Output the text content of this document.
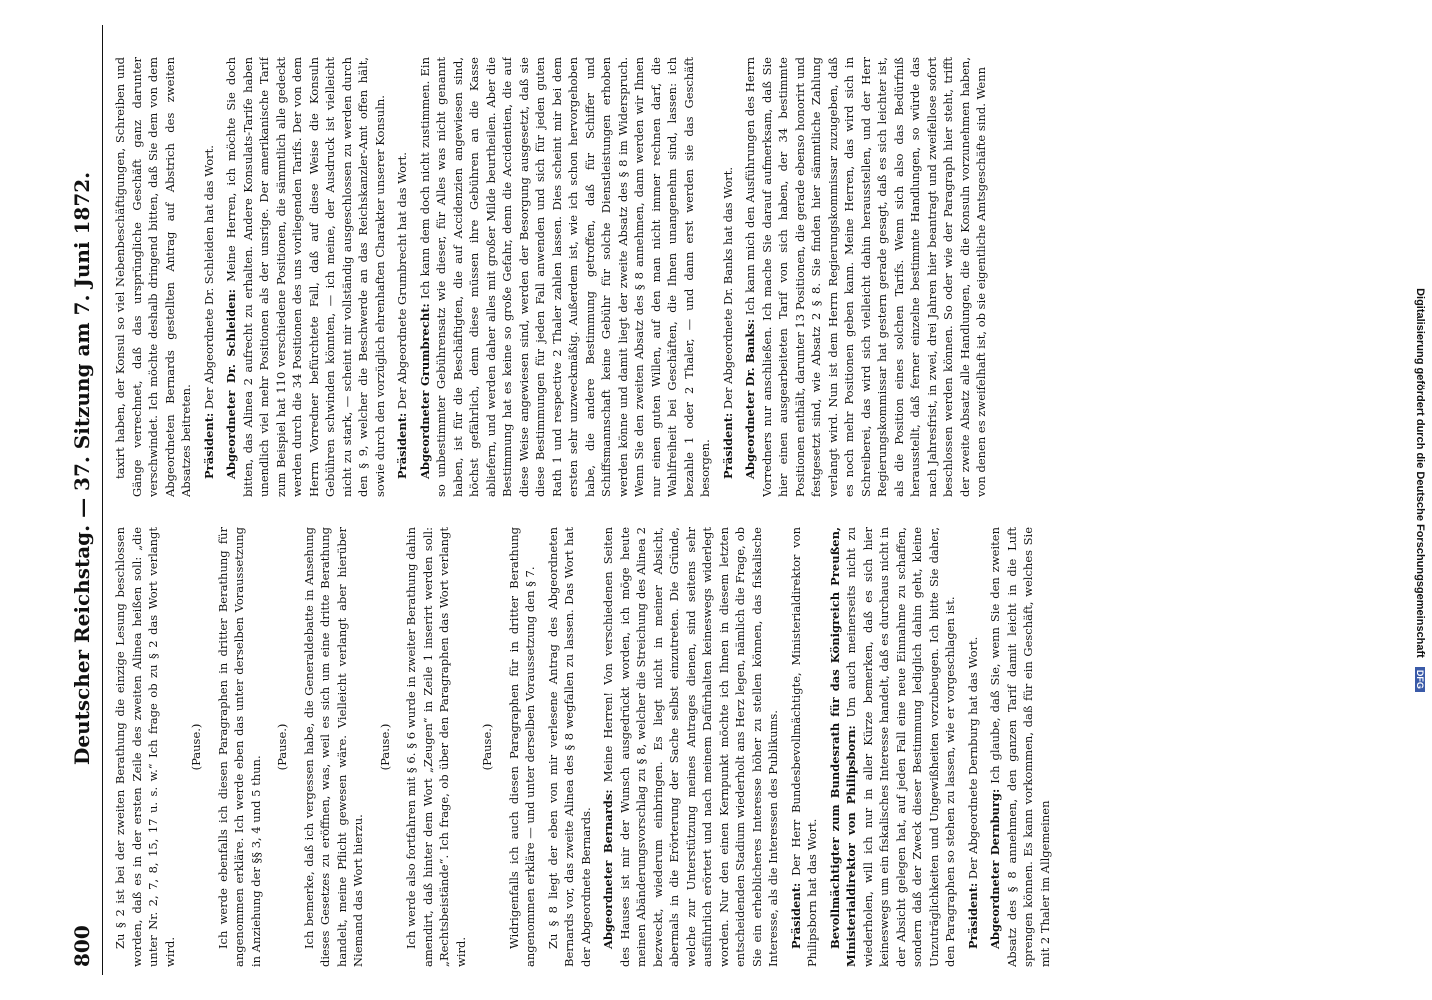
800
Deutscher Reichstag. — 37. Sitzung am 7. Juni 1872. Zu § 2 ist bei der zweiten Berathung die einzige Lesung beschlossen worden, daß es in der ersten Zeile des zweiten Alinea heißen soll: „die unter Nr. 2, 7, 8, 15, 17 u. s. w.“ Ich frage ob zu § 2 das Wort verlangt wird.

(Pause.) Ich werde ebenfalls ich diesen Paragraphen in dritter Berathung für angenommen erkläre. Ich werde eben das unter derselben Voraussetzung in Anziehung der §§ 3, 4 und 5 thun.

(Pause.) Ich bemerke, daß ich vergessen habe, die Generaldebatte in Ansehung dieses Gesetzes zu eröffnen, was, weil es sich um eine dritte Berathung handelt, meine Pflicht gewesen wäre. Vielleicht verlangt aber hierüber Niemand das Wort hierzu.

(Pause.) Ich werde also fortfahren mit § 6. § 6 wurde in zweiter Berathung dahin amendirt, daß hinter dem Wort „Zeugen“ in Zeile 1 inserirt werden soll: „Rechtsbeistände“. Ich frage, ob über den Paragraphen das Wort verlangt wird.

(Pause.) Widrigenfalls ich auch diesen Paragraphen für in dritter Berathung angenommen erkläre — und unter derselben Voraussetzung den § 7. Zu § 8 liegt der eben von mir verlesene Antrag des Abgeordneten Bernards vor, das zweite Alinea des § 8 wegfallen zu lassen. Das Wort hat der Abgeordnete Bernards. Abgeordneter Bernards: Meine Herren! Von verschiedenen Seiten des Hauses ist mir der Wunsch ausgedrückt worden, ich möge heute meinen Abänderungsvorschlag zu § 8, welcher die Streichung des Alinea 2 bezweckt, wiederum einbringen. Es liegt nicht in meiner Absicht, abermals in die Erörterung der Sache selbst einzutreten. Die Gründe, welche zur Unterstützung meines Antrages dienen, sind seitens sehr ausführlich erörtert und nach meinem Dafürhalten keineswegs widerlegt worden. Nur den einen Kernpunkt möchte ich Ihnen in diesem letzten entscheidenden Stadium wiederholt ans Herz legen, nämlich die Frage, ob Sie ein erheblicheres Interesse höher zu stellen können, das fiskalische Interesse, als die Interessen des Publikums. Präsident: Der Herr Bundesbevollmächtigte, Ministerialdirektor von Philipsborn hat das Wort. Bevollmächtigter zum Bundesrath für das Königreich Preußen, Ministerialdirektor von Philipsborn: Um auch meinerseits nicht zu wiederholen, will ich nur in aller Kürze bemerken, daß es sich hier keineswegs um ein fiskalisches Interesse handelt, daß es durchaus nicht in der Absicht gelegen hat, auf jeden Fall eine neue Einnahme zu schaffen, sondern daß der Zweck dieser Bestimmung lediglich dahin geht, kleine Unzuträglichkeiten und Ungewißheiten vorzubeugen. Ich bitte Sie daher, den Paragraphen so stehen zu lassen, wie er vorgeschlagen ist. Präsident: Der Abgeordnete Dernburg hat das Wort. Abgeordneter Dernburg: Ich glaube, daß Sie, wenn Sie den zweiten Absatz des § 8 annehmen, den ganzen Tarif damit leicht in die Luft sprengen können. Es kann vorkommen, daß für ein Geschäft, welches Sie mit 2 Thaler im Allgemeinen

taxirt haben, der Konsul so viel Nebenbeschäftigungen, Schreiben und Gänge verrechnet, daß das ursprüngliche Geschäft ganz darunter verschwindet. Ich möchte deshalb dringend bitten, daß Sie dem von dem Abgeordneten Bernards gestellten Antrag auf Abstrich des zweiten Absatzes beitreten. Präsident: Der Abgeordnete Dr. Schleiden hat das Wort. Abgeordneter Dr. Schleiden: Meine Herren, ich möchte Sie doch bitten, das Alinea 2 aufrecht zu erhalten. Andere Konsulats-Tarife haben unendlich viel mehr Positionen als der unsrige. Der amerikanische Tarif zum Beispiel hat 110 verschiedene Positionen, die sämmtlich alle gedeckt werden durch die 34 Positionen des uns vorliegenden Tarifs. Der von dem Herrn Vorredner befürchtete Fall, daß auf diese Weise die Konsuln Gebühren schwinden könnten, — ich meine, der Ausdruck ist vielleicht nicht zu stark, — scheint mir vollständig ausgeschlossen zu werden durch den § 9, welcher die Beschwerde an das Reichskanzler-Amt offen hält, sowie durch den vorzüglich ehrenhaften Charakter unserer Konsuln. Präsident: Der Abgeordnete Grumbrecht hat das Wort. Abgeordneter Grumbrecht: Ich kann dem doch nicht zustimmen. Ein so unbestimmter Gebührensatz wie dieser, für Alles was nicht genannt haben, ist für die Beschäftigten, die auf Accidenzien angewiesen sind, höchst gefährlich, denn diese müssen ihre Gebühren an die Kasse abliefern, und werden daher alles mit großer Milde beurtheilen. Aber die Bestimmung hat es keine so große Gefahr, denn die Accidentien, die auf diese Weise angewiesen sind, werden der Besorgung ausgesetzt, daß sie diese Bestimmungen für jeden Fall anwenden und sich für jeden guten Rath 1 und respective 2 Thaler zahlen lassen. Dies scheint mir bei dem ersten sehr unzweckmäßig. Außerdem ist, wie ich schon hervorgehoben habe, die andere Bestimmung getroffen, daß für Schiffer und Schiffsmannschaft keine Gebühr für solche Dienstleistungen erhoben werden könne und damit liegt der zweite Absatz des § 8 im Widerspruch. Wenn Sie den zweiten Absatz des § 8 annehmen, dann werden wir Ihnen nur einen guten Willen, auf den man nicht immer rechnen darf, die Wahlfreiheit bei Geschäften, die Ihnen unangenehm sind, lassen: ich bezahle 1 oder 2 Thaler, — und dann erst werden sie das Geschäft besorgen. Präsident: Der Abgeordnete Dr. Banks hat das Wort. Abgeordneter Dr. Banks: Ich kann mich den Ausführungen des Herrn Vorredners nur anschließen. Ich mache Sie darauf aufmerksam, daß Sie hier einen ausgearbeiteten Tarif von sich haben, der 34 bestimmte Positionen enthält, darunter 13 Positionen, die gerade ebenso honorirt und festgesetzt sind, wie Absatz 2 § 8. Sie finden hier sämmtliche Zahlung verlangt wird. Nun ist dem Herrn Regierungskommissar zuzugeben, daß es noch mehr Positionen geben kann. Meine Herren, das wird sich in Schreiberei, das wird sich vielleicht dahin herausstellen, und der Herr Regierungskommissar hat gestern gerade gesagt, daß es sich leichter ist, als die Position eines solchen Tarifs. Wenn sich also das Bedürfniß herausstellt, daß ferner einzelne bestimmte Handlungen, so würde das nach Jahresfrist, in zwei, drei Jahren hier beantragt und zweifellose sofort beschlossen werden können. So oder wie der Paragraph hier steht, trifft der zweite Absatz alle Handlungen, die die Konsuln vorzunehmen haben, von denen es zweifelhaft ist, ob sie eigentliche Amtsgeschäfte sind. Wenn	Digitalisierung gefördert durch die Deutsche Forschungsgemeinschaft DFG
